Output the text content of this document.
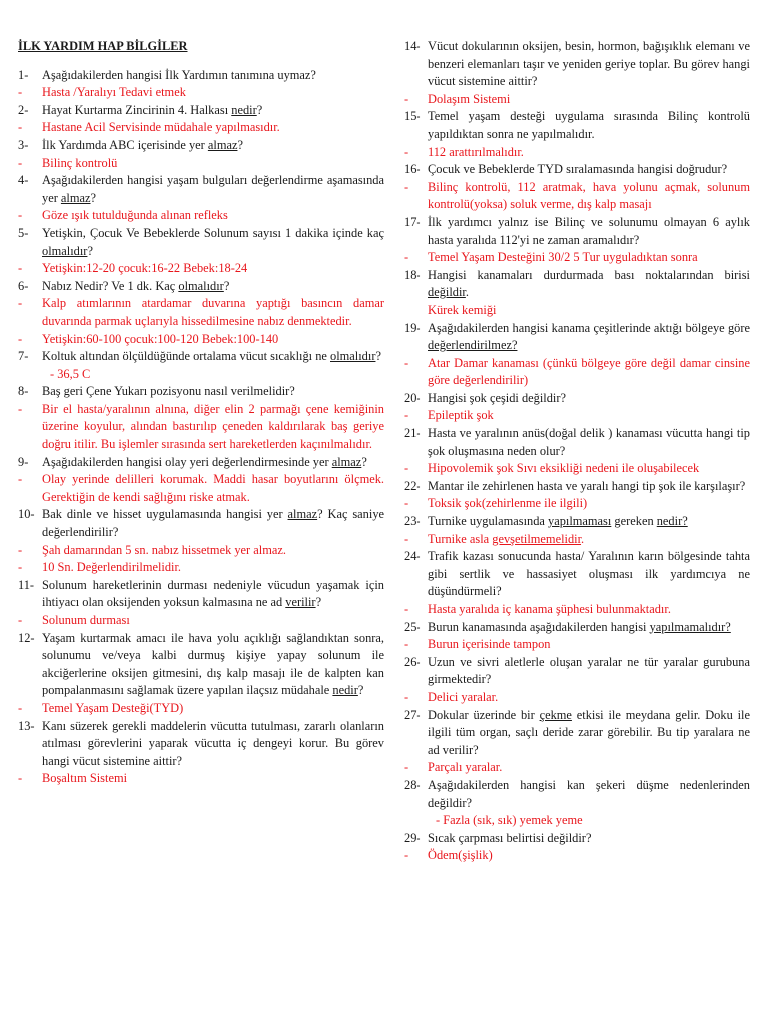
İLK YARDIM HAP BİLGİLER
1-	Aşağıdakilerden hangisi İlk Yardımın tanımına uymaz?
-	Hasta /Yaralıyı Tedavi etmek
2-	Hayat Kurtarma Zincirinin 4. Halkası nedir?
-	Hastane Acil Servisinde müdahale yapılmasıdır.
3-	İlk Yardımda ABC içerisinde yer almaz?
-	Bilinç kontrolü
4-	Aşağıdakilerden hangisi yaşam bulguları değerlendirme aşamasında yer almaz?
-	Göze ışık tutulduğunda alınan refleks
5-	Yetişkin, Çocuk Ve Bebeklerde Solunum sayısı 1 dakika içinde kaç olmalıdır?
-	Yetişkin:12-20 çocuk:16-22 Bebek:18-24
6-	Nabız Nedir? Ve 1 dk. Kaç olmalıdır?
-	Kalp atımlarının atardamar duvarına yaptığı basıncın damar duvarında parmak uçlarıyla hissedilmesine nabız denmektedir.
-	Yetişkin:60-100 çocuk:100-120 Bebek:100-140
7-	Koltuk altından ölçüldüğünde ortalama vücut sıcaklığı ne olmalıdır?
- 36,5 C
8-	Baş geri Çene Yukarı pozisyonu nasıl verilmelidir?
-	Bir el hasta/yaralının alnına, diğer elin 2 parmağı çene kemiğinin üzerine koyulur, alından bastırılıp çeneden kaldırılarak baş geriye doğru itilir. Bu işlemler sırasında sert hareketlerden kaçınılmalıdır.
9-	Aşağıdakilerden hangisi olay yeri değerlendirmesinde yer almaz?
-	Olay yerinde delilleri korumak. Maddi hasar boyutlarını ölçmek. Gerektiğin de kendi sağlığını riske atmak.
10- Bak dinle ve hisset uygulamasında hangisi yer almaz? Kaç saniye değerlendirilir?
-	Şah damarından 5 sn. nabız hissetmek yer almaz.
-	10 Sn. Değerlendirilmelidir.
11- Solunum hareketlerinin durması nedeniyle vücudun yaşamak için ihtiyacı olan oksijenden yoksun kalmasına ne ad verilir?
-	Solunum durması
12- Yaşam kurtarmak amacı ile hava yolu açıklığı sağlandıktan sonra, solunumu ve/veya kalbi durmuş kişiye yapay solunum ile akciğerlerine oksijen gitmesini, dış kalp masajı ile de kalpten kan pompalanmasını sağlamak üzere yapılan ilaçsız müdahale nedir?
-	Temel Yaşam Desteği(TYD)
13- Kanı süzerek gerekli maddelerin vücutta tutulması, zararlı olanların atılması görevlerini yaparak vücutta iç dengeyi korur. Bu görev hangi vücut sistemine aittir?
-	Boşaltım Sistemi
14- Vücut dokularının oksijen, besin, hormon, bağışıklık elemanı ve benzeri elemanları taşır ve yeniden geriye toplar. Bu görev hangi vücut sistemine aittir?
-	Dolaşım Sistemi
15- Temel yaşam desteği uygulama sırasında Bilinç kontrolü yapıldıktan sonra ne yapılmalıdır.
-	112 arattırılmalıdır.
16- Çocuk ve Bebeklerde TYD sıralamasında hangisi doğrudur?
-	Bilinç kontrolü, 112 aratmak, hava yolunu açmak, solunum kontrolü(yoksa) soluk verme, dış kalp masajı
17- İlk yardımcı yalnız ise Bilinç ve solunumu olmayan 6 aylık hasta yaralıda 112'yi ne zaman aramalıdır?
-	Temel Yaşam Desteğini 30/2 5 Tur uyguladıktan sonra
18- Hangisi kanamaları durdurmada bası noktalarından birisi değildir.
Kürek kemiği
19- Aşağıdakilerden hangisi kanama çeşitlerinde aktığı bölgeye göre değerlendirilmez?
-	Atar Damar kanaması (çünkü bölgeye göre değil damar cinsine göre değerlendirilir)
20- Hangisi şok çeşidi değildir?
-	Epileptik şok
21- Hasta ve yaralının anüs(doğal delik ) kanaması vücutta hangi tip şok oluşmasına neden olur?
-	Hipovolemik şok Sıvı eksikliği nedeni ile oluşabilecek
22- Mantar ile zehirlenen hasta ve yaralı hangi tip şok ile karşılaşır?
-	Toksik şok(zehirlenme ile ilgili)
23- Turnike uygulamasında yapılmaması gereken nedir?
-	Turnike asla gevşetilmemelidir.
24- Trafik kazası sonucunda hasta/ Yaralının karın bölgesinde tahta gibi sertlik ve hassasiyet oluşması ilk yardımcıya ne düşündürmeli?
-	Hasta yaralıda iç kanama şüphesi bulunmaktadır.
25- Burun kanamasında aşağıdakilerden hangisi yapılmamalıdır?
-	Burun içerisinde tampon
26- Uzun ve sivri aletlerle oluşan yaralar ne tür yaralar gurubuna girmektedir?
-	Delici yaralar.
27- Dokular üzerinde bir çekme etkisi ile meydana gelir. Doku ile ilgili tüm organ, saçlı deride zarar görebilir. Bu tip yaralara ne ad verilir?
-	Parçalı yaralar.
28- Aşağıdakilerden hangisi kan şekeri düşme nedenlerinden değildir?
- Fazla (sık, sık) yemek yeme
29- Sıcak çarpması belirtisi değildir?
-	Ödem(şişlik)
